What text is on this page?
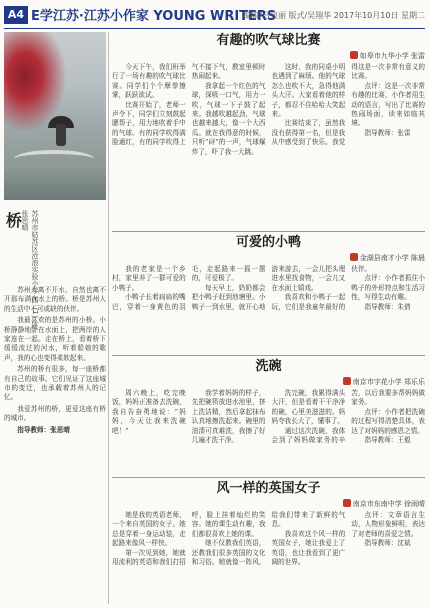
A4 E学江苏·江苏小作家 YOUNG WRITERS
编辑/吕泉丽 版式/吴翔华 2017年10月10日 星期二
桥	苏州市姑苏区沧浪实验小学 四（1）班 张思晴

苏州人离不开水，自然也离不开那布满在水上的桥。桥是苏州人的生活中不可或缺的伙伴。

我最喜欢的是苏州的小桥。小桥静静地卧在水面上，把两岸的人家连在一起。走在桥上，看着桥下缓缓流过的河水，听着船娘的歌声，我的心也变得柔软起来。

苏州的桥有很多，每一座桥都有自己的故事。它们见证了这座城市的变迁，也承载着苏州人的记忆。

我爱苏州的桥，更爱这座有桥的城市。

指导教师：张思晴

有趣的吹气球比赛
如皋市九华小学 张雷

今天下午，我们班举行了一场有趣的吹气球比赛。同学们个个摩拳擦掌，跃跃欲试。

比赛开始了，老师一声令下，同学们立刻鼓起腮帮子，用力地吹着手中的气球。有的同学吹得满脸通红，有的同学吹得上气不接下气，教室里顿时热闹起来。

我拿起一个红色的气球，深吸一口气，用力一吹，气球一下子鼓了起来。我越吹越起劲，气球也越来越大，像一个大西瓜。就在我得意的时候，只听“砰”的一声，气球爆炸了，吓了我一大跳。

这时，我的同桌小明也遇到了麻烦。他的气球怎么也吹不大，急得他满头大汗。大家看着他的样子，都忍不住哈哈大笑起来。

比赛结束了，虽然我没有获得第一名，但是我从中感受到了快乐。我觉得这是一次非常有意义的比赛。

点评：这是一次非常有趣的比赛，小作者用生动的语言，写出了比赛的热闹场面，读来如临其境。

指导教师：张雷

可爱的小鸭
金湖县南才小学 陈晨

我的老家是一个乡村，家里养了一群可爱的小鸭子。

小鸭子长着扁扁的嘴巴，穿着一身黄色的羽毛，走起路来一摇一摆的，可爱极了。

每天早上，奶奶都会把小鸭子赶到池塘里。小鸭子一到水里，就开心地游来游去，一会儿把头埋进水里找食物，一会儿又在水面上嬉戏。

我喜欢和小鸭子一起玩，它们是我童年最好的伙伴。

点评：小作者抓住小鸭子的外形特点和生活习性，写得生动有趣。

指导教师：朱倩

洗碗
南京市宇花小学 郑乐乐

周六晚上，吃完晚饭，妈妈正准备去洗碗，我自告奋勇地说：“妈妈，今天让我来洗碗吧！”

我学着妈妈的样子，先把碗筷放进水池里，挤上洗洁精，然后拿起抹布认真地擦洗起来。碗里的油渍可真难洗，我擦了好几遍才洗干净。

洗完碗，我累得满头大汗，但是看着干干净净的碗，心里美滋滋的。妈妈夸我长大了，懂事了。

通过这次洗碗，我体会到了妈妈做家务的辛苦，以后我要多帮妈妈做家务。

点评：小作者把洗碗的过程写得清楚具体，表达了对妈妈的感恩之情。

指导教师：王毅

风一样的英国女子
南京市东南中学 徐雨晴

她是我的英语老师，一个来自英国的女子。她总是穿着一身运动装，走起路来像风一样快。

第一次见到她，她就用流利的英语和我们打招呼，脸上挂着灿烂的笑容。她的课生动有趣，我们都很喜欢上她的课。

她不仅教我们英语，还教我们很多英国的文化和习俗。她就像一阵风，给我们带来了新鲜的气息。

我喜欢这个风一样的英国女子，她让我爱上了英语，也让我看到了更广阔的世界。

点评：文章语言生动，人物形象鲜明，表达了对老师的喜爱之情。

指导教师：沈斌
